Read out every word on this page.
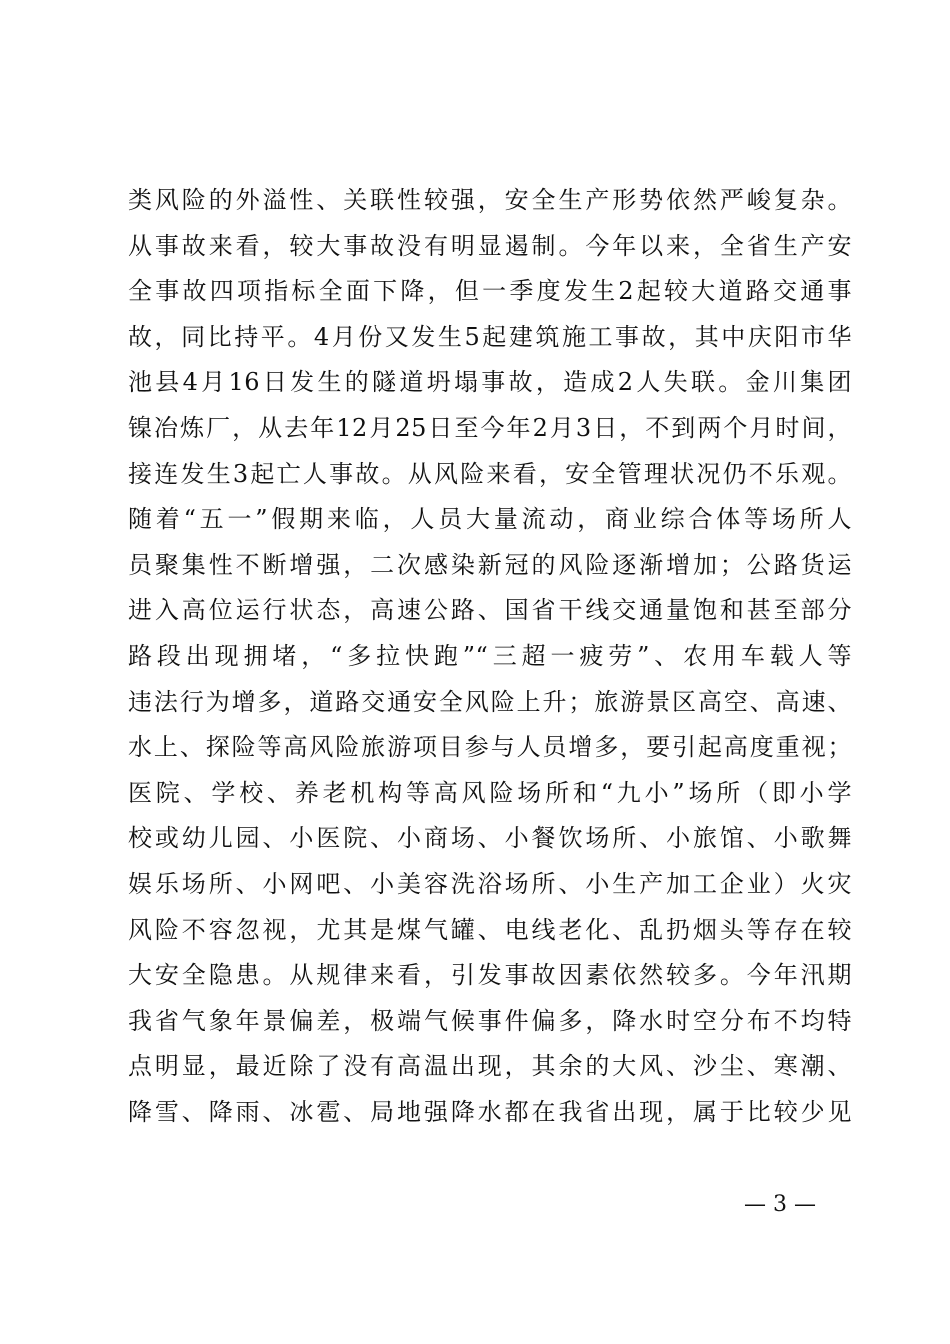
类风险的外溢性、关联性较强，安全生产形势依然严峻复杂。
从事故来看，较大事故没有明显遏制。今年以来，全省生产安
全事故四项指标全面下降，但一季度发生2起较大道路交通事
故，同比持平。4月份又发生5起建筑施工事故，其中庆阳市华
池县4月16日发生的隧道坍塌事故，造成2人失联。金川集团
镍冶炼厂，从去年12月25日至今年2月3日，不到两个月时间，
接连发生3起亡人事故。从风险来看，安全管理状况仍不乐观。
随着“五一”假期来临，人员大量流动，商业综合体等场所人
员聚集性不断增强，二次感染新冠的风险逐渐增加；公路货运
进入高位运行状态，高速公路、国省干线交通量饱和甚至部分
路段出现拥堵，“多拉快跑”“三超一疲劳”、农用车载人等
违法行为增多，道路交通安全风险上升；旅游景区高空、高速、
水上、探险等高风险旅游项目参与人员增多，要引起高度重视；
医院、学校、养老机构等高风险场所和“九小”场所（即小学
校或幼儿园、小医院、小商场、小餐饮场所、小旅馆、小歌舞
娱乐场所、小网吧、小美容洗浴场所、小生产加工企业）火灾
风险不容忽视，尤其是煤气罐、电线老化、乱扔烟头等存在较
大安全隐患。从规律来看，引发事故因素依然较多。今年汛期
我省气象年景偏差，极端气候事件偏多，降水时空分布不均特
点明显，最近除了没有高温出现，其余的大风、沙尘、寒潮、
降雪、降雨、冰雹、局地强降水都在我省出现，属于比较少见
— 3 —
